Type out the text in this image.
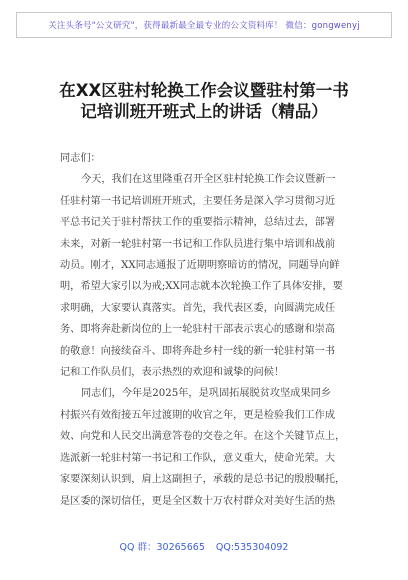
关注头条号"公文研究"，获得最新最全最专业的公文资料库！ 微信：gongwenyj
在XX区驻村轮换工作会议暨驻村第一书
记培训班开班式上的讲话（精品）
同志们：
今天，我们在这里隆重召开全区驻村轮换工作会议暨新一
任驻村第一书记培训班开班式，主要任务是深入学习贯彻习近
平总书记关于驻村帮扶工作的重要指示精神，总结过去，部署
未来，对新一轮驻村第一书记和工作队员进行集中培训和战前
动员。刚才，XX同志通报了近期明察暗访的情况，同题导向鲜
明，希望大家引以为戒;XX同志就本次轮换工作了具体安排，要
求明确，大家要认真落实。首先，我代表区委，向圆满完成任
务、即将奔赴新岗位的上一轮驻村干部表示衷心的感谢和崇高
的敬意！向接续奋斗、即将奔赴乡村一线的新一轮驻村第一书
记和工作队员们，表示热烈的欢迎和诚挚的问候！
同志们，今年是2025年，是巩固拓展脱贫攻坚成果同乡
村振兴有效衔接五年过渡期的收官之年，更是检验我们工作成
效、向党和人民交出满意答卷的交卷之年。在这个关键节点上，
选派新一轮驻村第一书记和工作队，意义重大，使命光荣。大
家要深刻认识到，肩上这副担子，承载的是总书记的殷殷嘱托，
是区委的深切信任，更是全区数十万农村群众对美好生活的热
QQ 群：30265665 QQ:535304092
